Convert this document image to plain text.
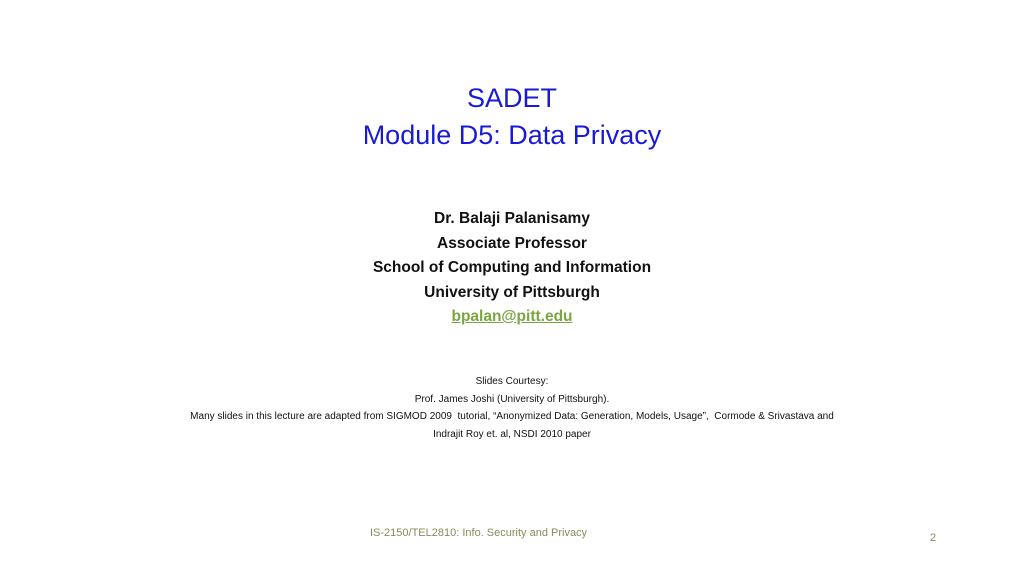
SADET
Module D5: Data Privacy
Dr. Balaji Palanisamy
Associate Professor
School of Computing and Information
University of Pittsburgh
bpalan@pitt.edu
Slides Courtesy:
Prof. James Joshi (University of Pittsburgh).
Many slides in this lecture are adapted from SIGMOD 2009  tutorial, “Anonymized Data: Generation, Models, Usage”,  Cormode & Srivastava and
Indrajit Roy et. al, NSDI 2010 paper
IS-2150/TEL2810: Info. Security and Privacy	2
